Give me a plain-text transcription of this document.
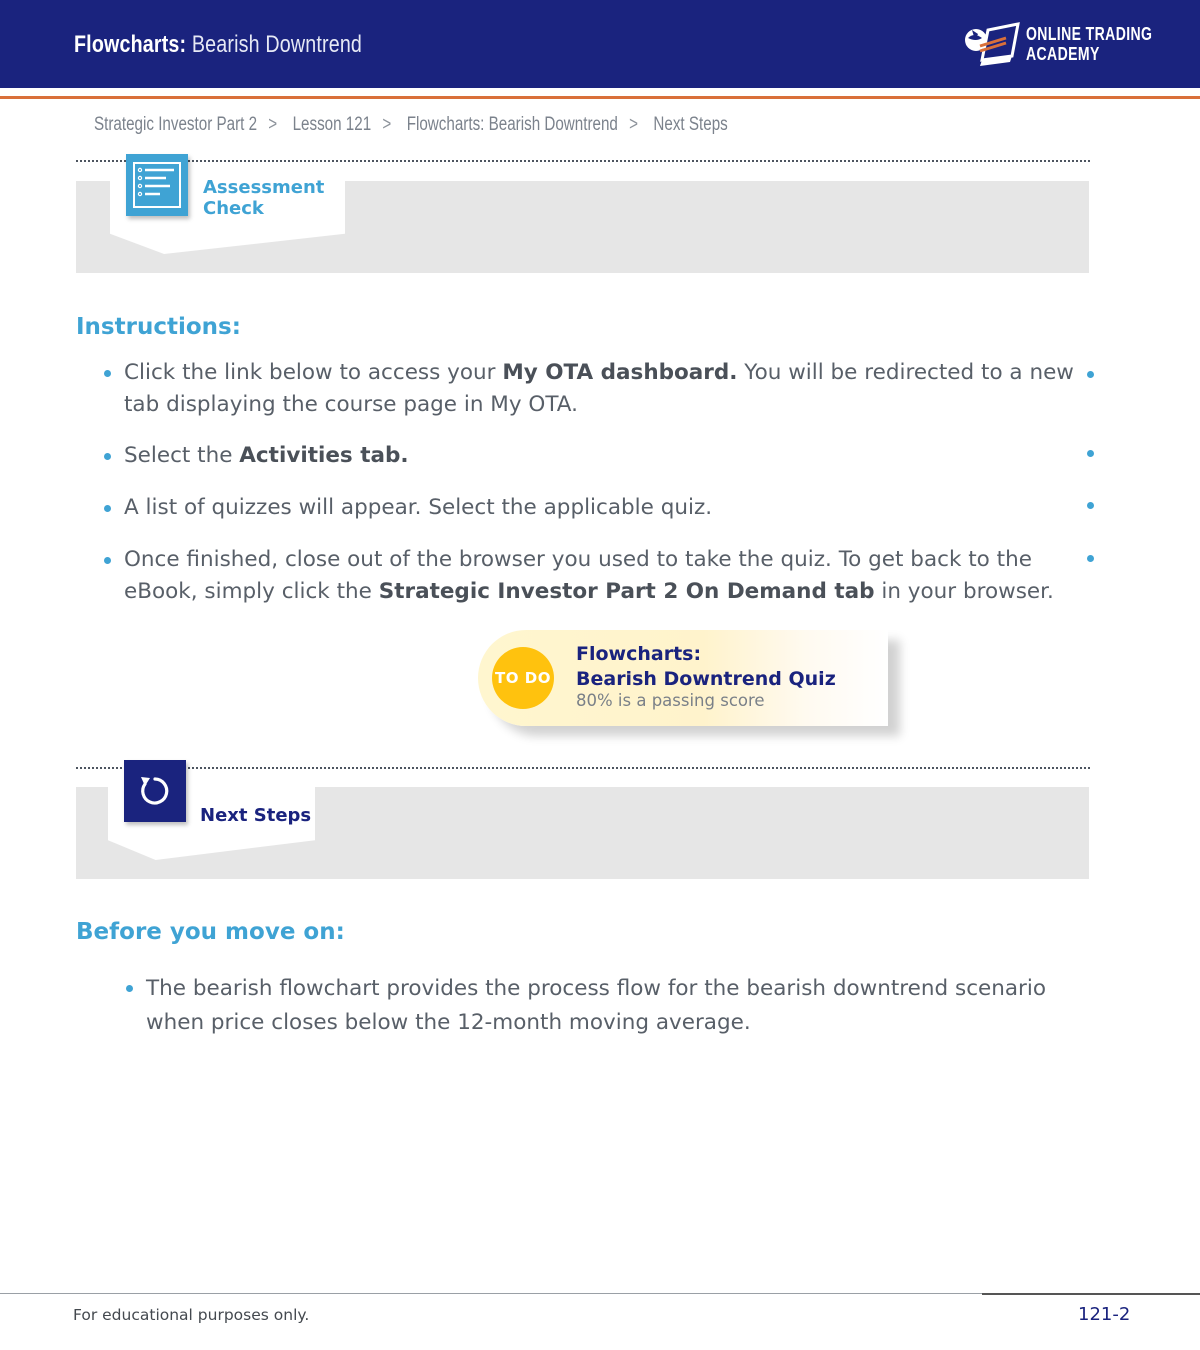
Flowcharts: Bearish Downtrend	ONLINE TRADING
ACADEMY
Strategic Investor Part 2 > Lesson 121 > Flowcharts: Bearish Downtrend > Next Steps
Assessment
Check
Instructions:
Click the link below to access your My OTA dashboard. You will be redirected to a new tab displaying the course page in My OTA.
Select the Activities tab.
A list of quizzes will appear. Select the applicable quiz.
Once finished, close out of the browser you used to take the quiz. To get back to the eBook, simply click the Strategic Investor Part 2 On Demand tab in your browser.
TO DO
Flowcharts:
Bearish Downtrend Quiz
80% is a passing score
Next Steps
Before you move on:
The bearish flowchart provides the process flow for the bearish downtrend scenario when price closes below the 12-month moving average.
For educational purposes only.	121-2
